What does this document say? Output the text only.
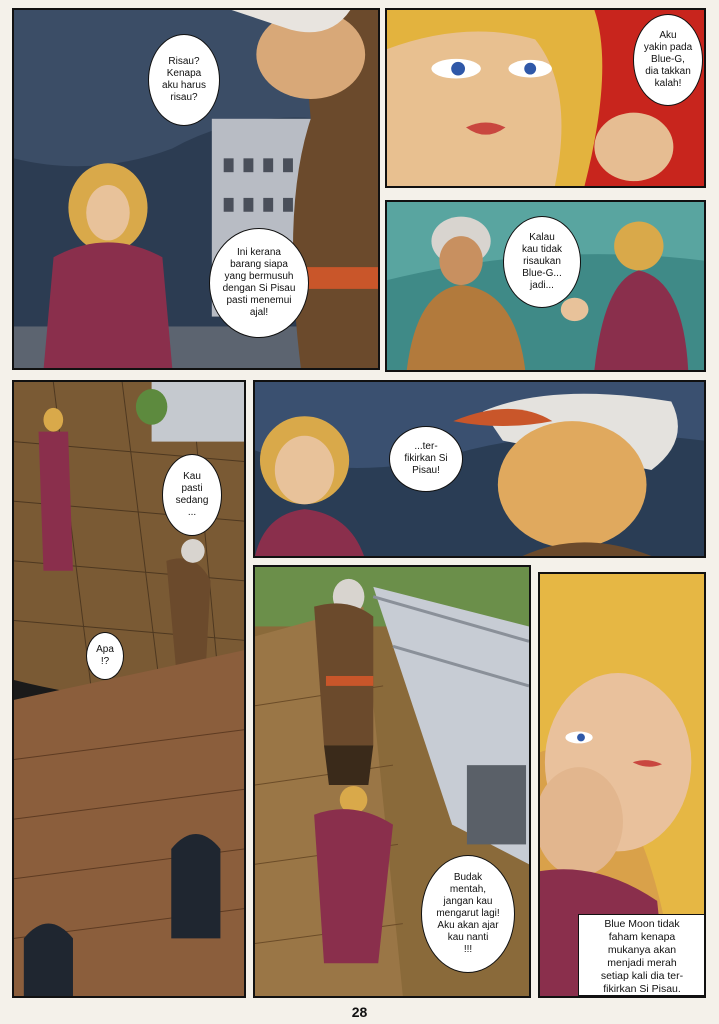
Risau?
Kenapa
aku harus
risau?
Ini kerana
barang siapa
yang bermusuh
dengan Si Pisau
pasti menemui
ajal!
Aku
yakin pada
Blue-G,
dia takkan
kalah!
Kalau
kau tidak
risaukan
Blue-G...
jadi...
Kau
pasti
sedang
...
Apa
!?
...ter-
fikirkan Si
Pisau!
Budak
mentah,
jangan kau
mengarut lagi!
Aku akan ajar
kau nanti
!!!
Blue Moon tidak
faham kenapa
mukanya akan
menjadi merah
setiap kali dia ter-
fikirkan Si Pisau.
28
